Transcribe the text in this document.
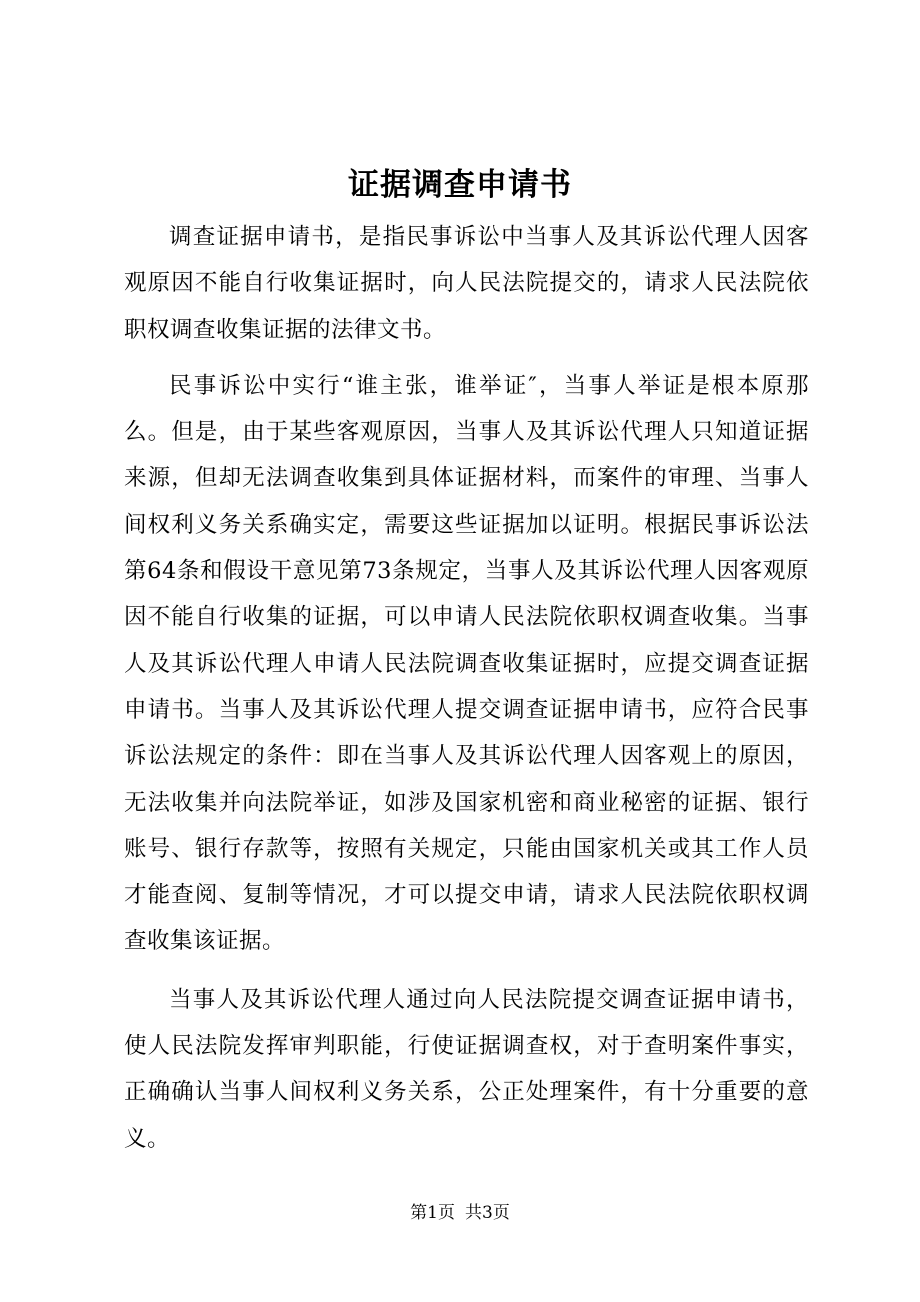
证据调查申请书

调查证据申请书，是指民事诉讼中当事人及其诉讼代理人因客观原因不能自行收集证据时，向人民法院提交的，请求人民法院依职权调查收集证据的法律文书。

民事诉讼中实行“谁主张，谁举证″，当事人举证是根本原那么。但是，由于某些客观原因，当事人及其诉讼代理人只知道证据来源，但却无法调查收集到具体证据材料，而案件的审理、当事人间权利义务关系确实定，需要这些证据加以证明。根据民事诉讼法第64条和假设干意见第73条规定，当事人及其诉讼代理人因客观原因不能自行收集的证据，可以申请人民法院依职权调查收集。当事人及其诉讼代理人申请人民法院调查收集证据时，应提交调查证据申请书。当事人及其诉讼代理人提交调查证据申请书，应符合民事诉讼法规定的条件：即在当事人及其诉讼代理人因客观上的原因，无法收集并向法院举证，如涉及国家机密和商业秘密的证据、银行账号、银行存款等，按照有关规定，只能由国家机关或其工作人员才能查阅、复制等情况，才可以提交申请，请求人民法院依职权调查收集该证据。

当事人及其诉讼代理人通过向人民法院提交调查证据申请书，使人民法院发挥审判职能，行使证据调查权，对于查明案件事实，正确确认当事人间权利义务关系，公正处理案件，有十分重要的意义。

第1页 共3页
